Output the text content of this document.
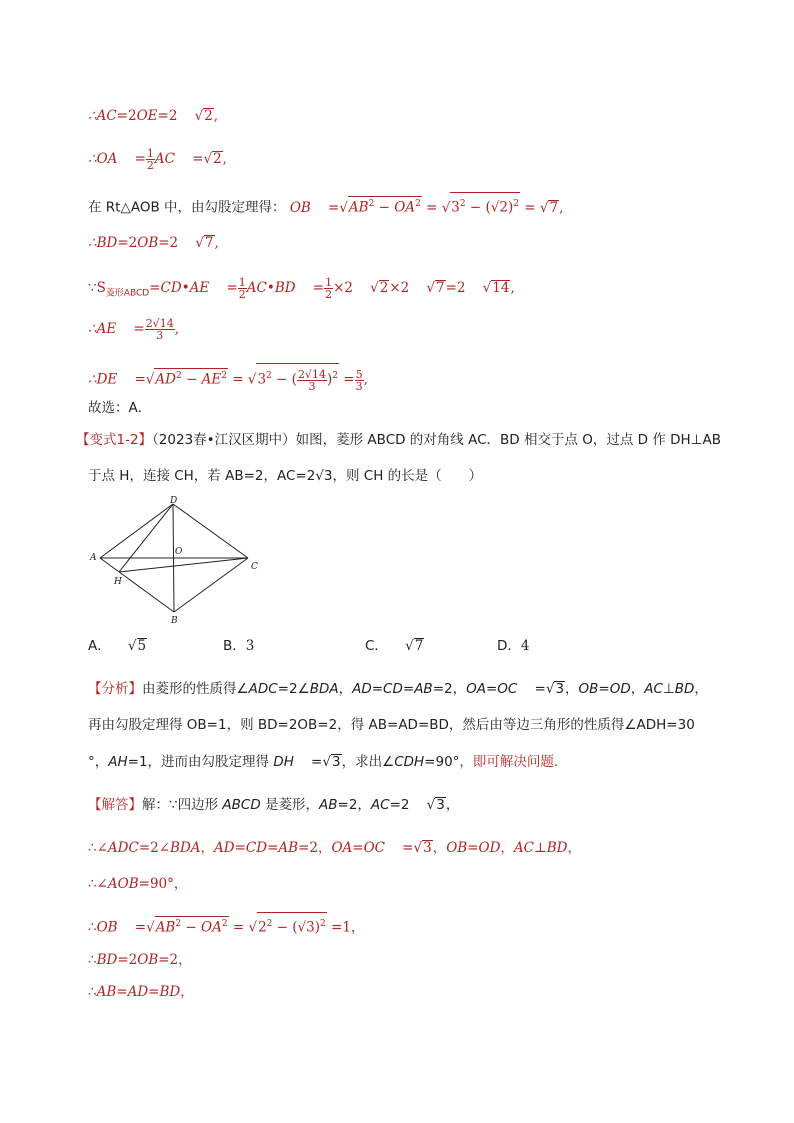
∴AC=2OE=2    √2,
∴OA    = $\frac{1}{2}$ AC    =√2,
在 Rt△AOB 中，由勾股定理得： OB    $=√AB^2 - OA^2 = √3^2 - (√2)^2 = √7$,
∴BD=2OB=2    √7,
$\because S_{菱形ABCD}=CD•AE$    = $\frac{1}{2}$ AC•BD    = $\frac{1}{2} \times 2$    √2×2    √7=2    √14,
∴AE    = $\frac{2√14}{3}$ ,
∴DE    $=√AD^2 - AE^2 = √3^2$ − ( $\frac{2√14}{3} )^2 = \frac{5}{3}$ ,
故选：A．
【变式1-2】（2023春•江汉区期中）如图，菱形 ABCD 的对角线 AC．BD 相交于点 O，过点 D 作 DH⊥AB
于点 H，连接 CH，若 AB=2，AC=2√3，则 CH 的长是（　　）
D
A
O
C
H
B
A．    √5	B．3	C．    √7	D．4
【分析】由菱形的性质得∠ADC=2∠BDA，AD=CD=AB=2，OA=OC    =√3，OB=OD，AC⊥BD，
再由勾股定理得 OB=1，则 BD=2OB=2，得 AB=AD=BD，然后由等边三角形的性质得∠ADH=30
°，AH=1，进而由勾股定理得 DH    =√3，求出∠CDH=90°，即可解决问题．
【解答】解：∵四边形 ABCD 是菱形，AB=2，AC=2    √3，
∴∠ADC=2∠BDA，AD=CD=AB=2，OA=OC    =√3，OB=OD，AC⊥BD，
∴∠AOB=90°，
∴OB    $=√AB^2 - OA^2 = √2^2 - (√3)^2 =1$，
∴BD=2OB=2，
∴AB=AD=BD，
